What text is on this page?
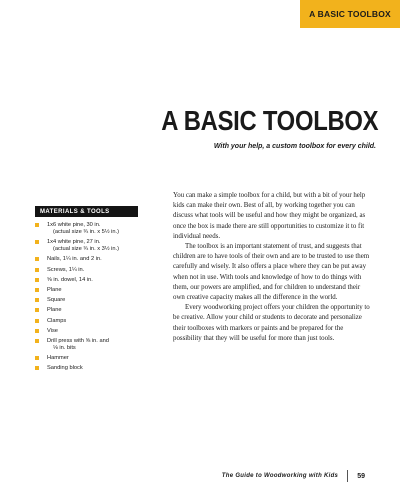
A BASIC TOOLBOX
A BASIC TOOLBOX
With your help, a custom toolbox for every child.
MATERIALS & TOOLS
1x6 white pine, 30 in.
(actual size ¾ in. x 5½ in.)
1x4 white pine, 27 in.
(actual size ¾ in. x 3½ in.)
Nails, 1¼ in. and 2 in.
Screws, 1¼ in.
⅝ in. dowel, 14 in.
Plane
Square
Plane
Clamps
Vise
Drill press with ⅝ in. and
⅛ in. bits
Hammer
Sanding block

You can make a simple toolbox for a child, but with a bit of your help kids can make their own. Best of all, by working together you can discuss what tools will be useful and how they might be organized, as once the box is made there are still opportunities to customize it to fit individual needs.

The toolbox is an important statement of trust, and suggests that children are to have tools of their own and are to be trusted to use them carefully and wisely. It also offers a place where they can be put away when not in use. With tools and knowledge of how to do things with them, our powers are amplified, and for children to understand their own creative capacity makes all the difference in the world.

Every woodworking project offers your children the opportunity to be creative. Allow your child or students to decorate and personalize their toolboxes with markers or paints and be prepared for the possibility that they will be useful for more than just tools.

The Guide to Woodworking with Kids	59
